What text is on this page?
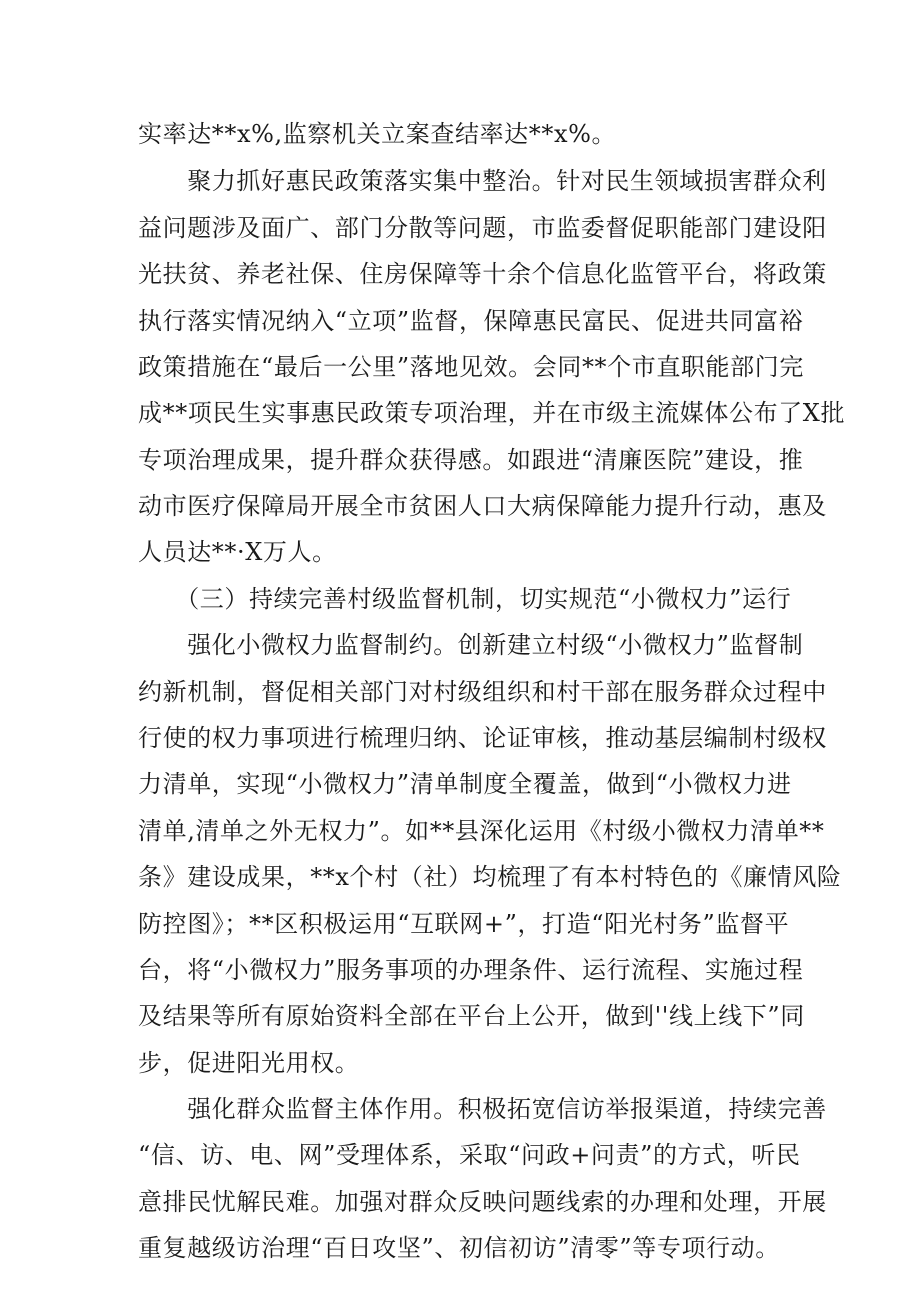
实率达**x%,监察机关立案查结率达**x%。
　　聚力抓好惠民政策落实集中整治。针对民生领域损害群众利
益问题涉及面广、部门分散等问题，市监委督促职能部门建设阳
光扶贫、养老社保、住房保障等十余个信息化监管平台，将政策
执行落实情况纳入“立项”监督，保障惠民富民、促进共同富裕
政策措施在“最后一公里”落地见效。会同**个市直职能部门完
成**项民生实事惠民政策专项治理，并在市级主流媒体公布了X批
专项治理成果，提升群众获得感。如跟进“清廉医院”建设，推
动市医疗保障局开展全市贫困人口大病保障能力提升行动，惠及
人员达**·X万人。
　　（三）持续完善村级监督机制，切实规范“小微权力”运行
　　强化小微权力监督制约。创新建立村级“小微权力”监督制
约新机制，督促相关部门对村级组织和村干部在服务群众过程中
行使的权力事项进行梳理归纳、论证审核，推动基层编制村级权
力清单，实现“小微权力”清单制度全覆盖，做到“小微权力进
清单,清单之外无权力”。如**县深化运用《村级小微权力清单**
条》建设成果，**x个村（社）均梳理了有本村特色的《廉情风险
防控图》；**区积极运用“互联网+”，打造“阳光村务”监督平
台，将“小微权力”服务事项的办理条件、运行流程、实施过程
及结果等所有原始资料全部在平台上公开，做到''线上线下”同
步，促进阳光用权。
　　强化群众监督主体作用。积极拓宽信访举报渠道，持续完善
“信、访、电、网”受理体系，采取“问政+问责”的方式，听民
意排民忧解民难。加强对群众反映问题线索的办理和处理，开展
重复越级访治理“百日攻坚”、初信初访”清零”等专项行动。
